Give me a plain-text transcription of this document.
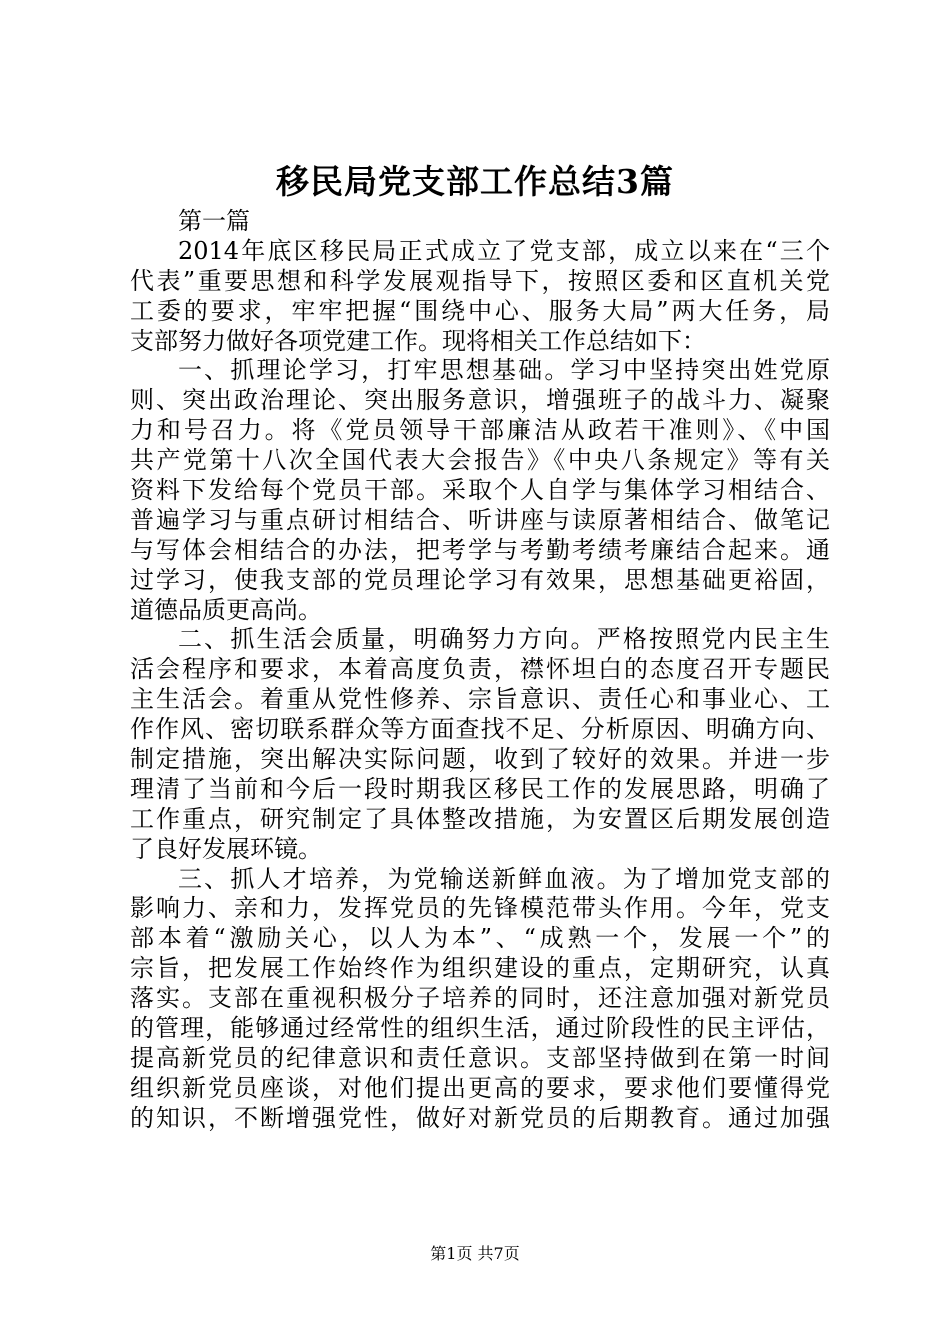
移民局党支部工作总结3篇
第一篇
2014年底区移民局正式成立了党支部，成立以来在“三个
代表”重要思想和科学发展观指导下，按照区委和区直机关党
工委的要求，牢牢把握“围绕中心、服务大局”两大任务，局
支部努力做好各项党建工作。现将相关工作总结如下：
一、抓理论学习，打牢思想基础。学习中坚持突出姓党原
则、突出政治理论、突出服务意识，增强班子的战斗力、凝聚
力和号召力。将《党员领导干部廉洁从政若干准则》、《中国
共产党第十八次全国代表大会报告》《中央八条规定》等有关
资料下发给每个党员干部。采取个人自学与集体学习相结合、
普遍学习与重点研讨相结合、听讲座与读原著相结合、做笔记
与写体会相结合的办法，把考学与考勤考绩考廉结合起来。通
过学习，使我支部的党员理论学习有效果，思想基础更裕固，
道德品质更高尚。
二、抓生活会质量，明确努力方向。严格按照党内民主生
活会程序和要求，本着高度负责，襟怀坦白的态度召开专题民
主生活会。着重从党性修养、宗旨意识、责任心和事业心、工
作作风、密切联系群众等方面查找不足、分析原因、明确方向、
制定措施，突出解决实际问题，收到了较好的效果。并进一步
理清了当前和今后一段时期我区移民工作的发展思路，明确了
工作重点，研究制定了具体整改措施，为安置区后期发展创造
了良好发展环镜。
三、抓人才培养，为党输送新鲜血液。为了增加党支部的
影响力、亲和力，发挥党员的先锋模范带头作用。今年，党支
部本着“激励关心，以人为本”、“成熟一个，发展一个”的
宗旨，把发展工作始终作为组织建设的重点，定期研究，认真
落实。支部在重视积极分子培养的同时，还注意加强对新党员
的管理，能够通过经常性的组织生活，通过阶段性的民主评估，
提高新党员的纪律意识和责任意识。支部坚持做到在第一时间
组织新党员座谈，对他们提出更高的要求，要求他们要懂得党
的知识，不断增强党性，做好对新党员的后期教育。通过加强
第1页 共7页
